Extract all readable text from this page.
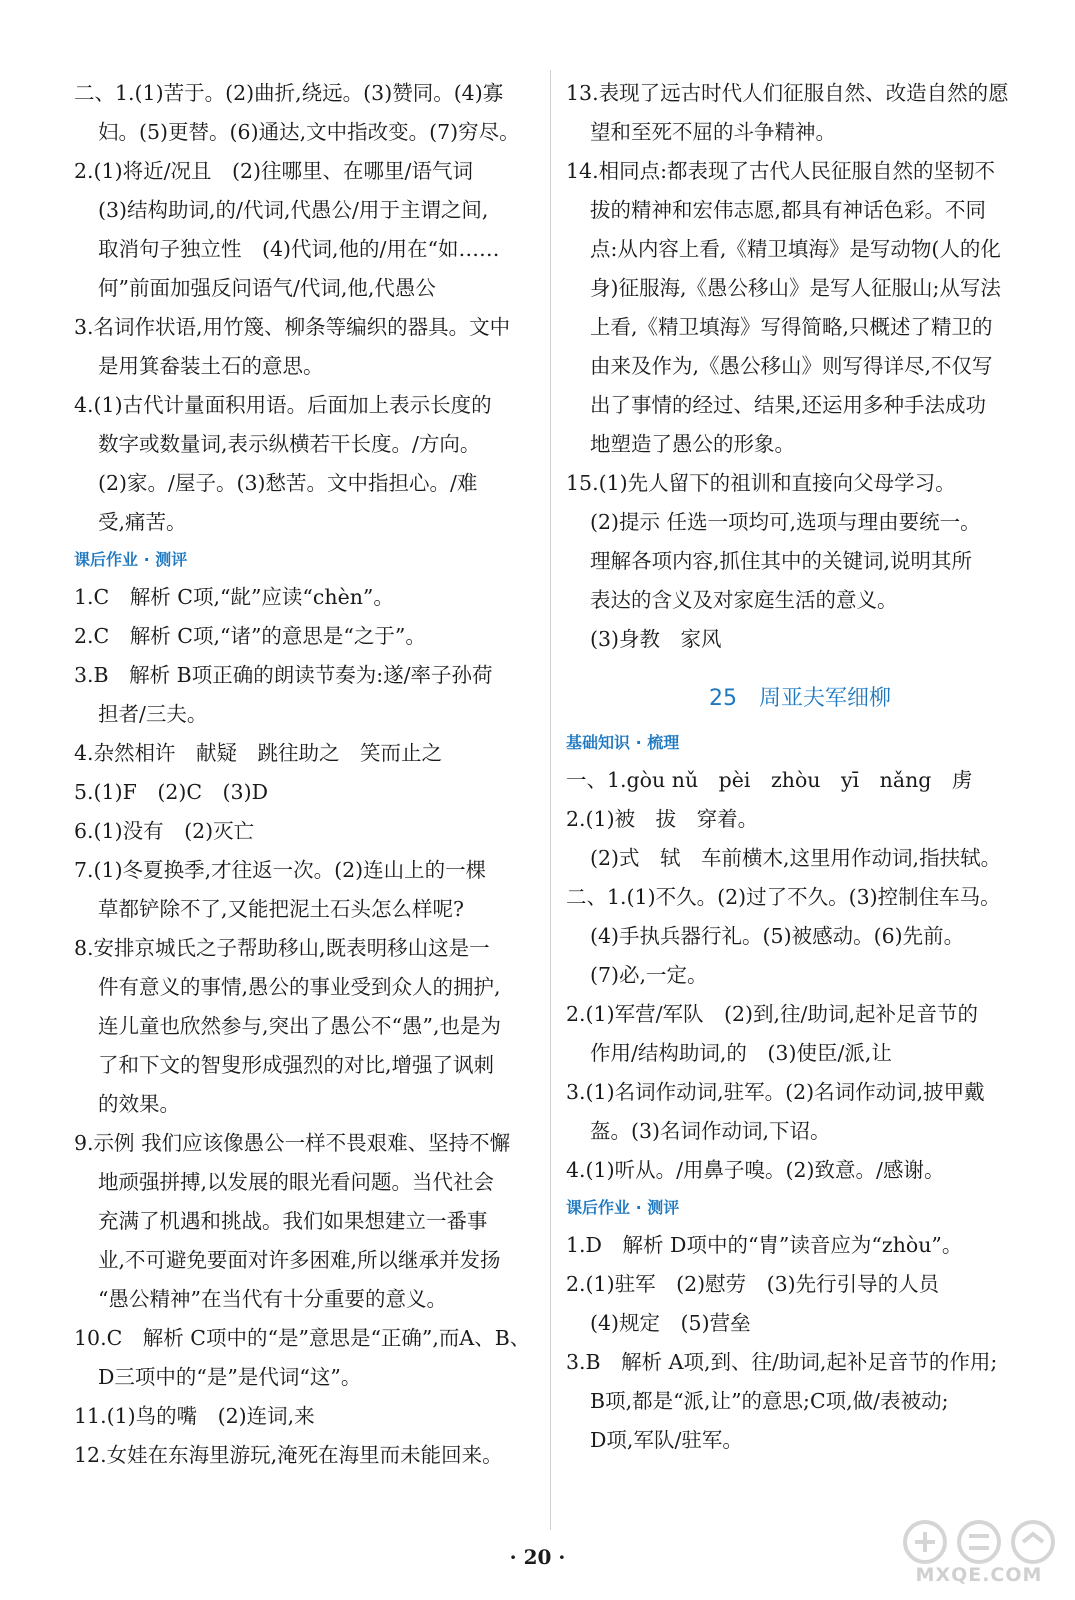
二、1.(1)苦于。(2)曲折,绕远。(3)赞同。(4)寡
妇。(5)更替。(6)通达,文中指改变。(7)穷尽。
2.(1)将近/况且　(2)往哪里、在哪里/语气词
(3)结构助词,的/代词,代愚公/用于主谓之间,
取消句子独立性　(4)代词,他的/用在“如……
何”前面加强反问语气/代词,他,代愚公
3.名词作状语,用竹篾、柳条等编织的器具。文中
是用箕畚装土石的意思。
4.(1)古代计量面积用语。后面加上表示长度的
数字或数量词,表示纵横若干长度。/方向。
(2)家。/屋子。(3)愁苦。文中指担心。/难
受,痛苦。
课后作业 · 测评
1.C　解析 C项,“龀”应读“chèn”。
2.C　解析 C项,“诸”的意思是“之于”。
3.B　解析 B项正确的朗读节奏为:遂/率子孙荷
担者/三夫。
4.杂然相许　献疑　跳往助之　笑而止之
5.(1)F　(2)C　(3)D
6.(1)没有　(2)灭亡
7.(1)冬夏换季,才往返一次。(2)连山上的一棵
草都铲除不了,又能把泥土石头怎么样呢?
8.安排京城氏之子帮助移山,既表明移山这是一
件有意义的事情,愚公的事业受到众人的拥护,
连儿童也欣然参与,突出了愚公不“愚”,也是为
了和下文的智叟形成强烈的对比,增强了讽刺
的效果。
9.示例 我们应该像愚公一样不畏艰难、坚持不懈
地顽强拼搏,以发展的眼光看问题。当代社会
充满了机遇和挑战。我们如果想建立一番事
业,不可避免要面对许多困难,所以继承并发扬
“愚公精神”在当代有十分重要的意义。
10.C　解析 C项中的“是”意思是“正确”,而A、B、
D三项中的“是”是代词“这”。
11.(1)鸟的嘴　(2)连词,来
12.女娃在东海里游玩,淹死在海里而未能回来。
13.表现了远古时代人们征服自然、改造自然的愿
望和至死不屈的斗争精神。
14.相同点:都表现了古代人民征服自然的坚韧不
拔的精神和宏伟志愿,都具有神话色彩。不同
点:从内容上看,《精卫填海》是写动物(人的化
身)征服海,《愚公移山》是写人征服山;从写法
上看,《精卫填海》写得简略,只概述了精卫的
由来及作为,《愚公移山》则写得详尽,不仅写
出了事情的经过、结果,还运用多种手法成功
地塑造了愚公的形象。
15.(1)先人留下的祖训和直接向父母学习。
(2)提示 任选一项均可,选项与理由要统一。
理解各项内容,抓住其中的关键词,说明其所
表达的含义及对家庭生活的意义。
(3)身教　家风
25 周亚夫军细柳
基础知识 · 梳理
一、1.gòu nǔ　pèi　zhòu　yī　nǎng　虏
2.(1)被　拔　穿着。
(2)式　轼　车前横木,这里用作动词,指扶轼。
二、1.(1)不久。(2)过了不久。(3)控制住车马。
(4)手执兵器行礼。(5)被感动。(6)先前。
(7)必,一定。
2.(1)军营/军队　(2)到,往/助词,起补足音节的
作用/结构助词,的　(3)使臣/派,让
3.(1)名词作动词,驻军。(2)名词作动词,披甲戴
盔。(3)名词作动词,下诏。
4.(1)听从。/用鼻子嗅。(2)致意。/感谢。
课后作业 · 测评
1.D　解析 D项中的“胄”读音应为“zhòu”。
2.(1)驻军　(2)慰劳　(3)先行引导的人员
(4)规定　(5)营垒
3.B　解析 A项,到、往/助词,起补足音节的作用;
B项,都是“派,让”的意思;C项,做/表被动;
D项,军队/驻军。
· 20 ·
MXQE.COM
